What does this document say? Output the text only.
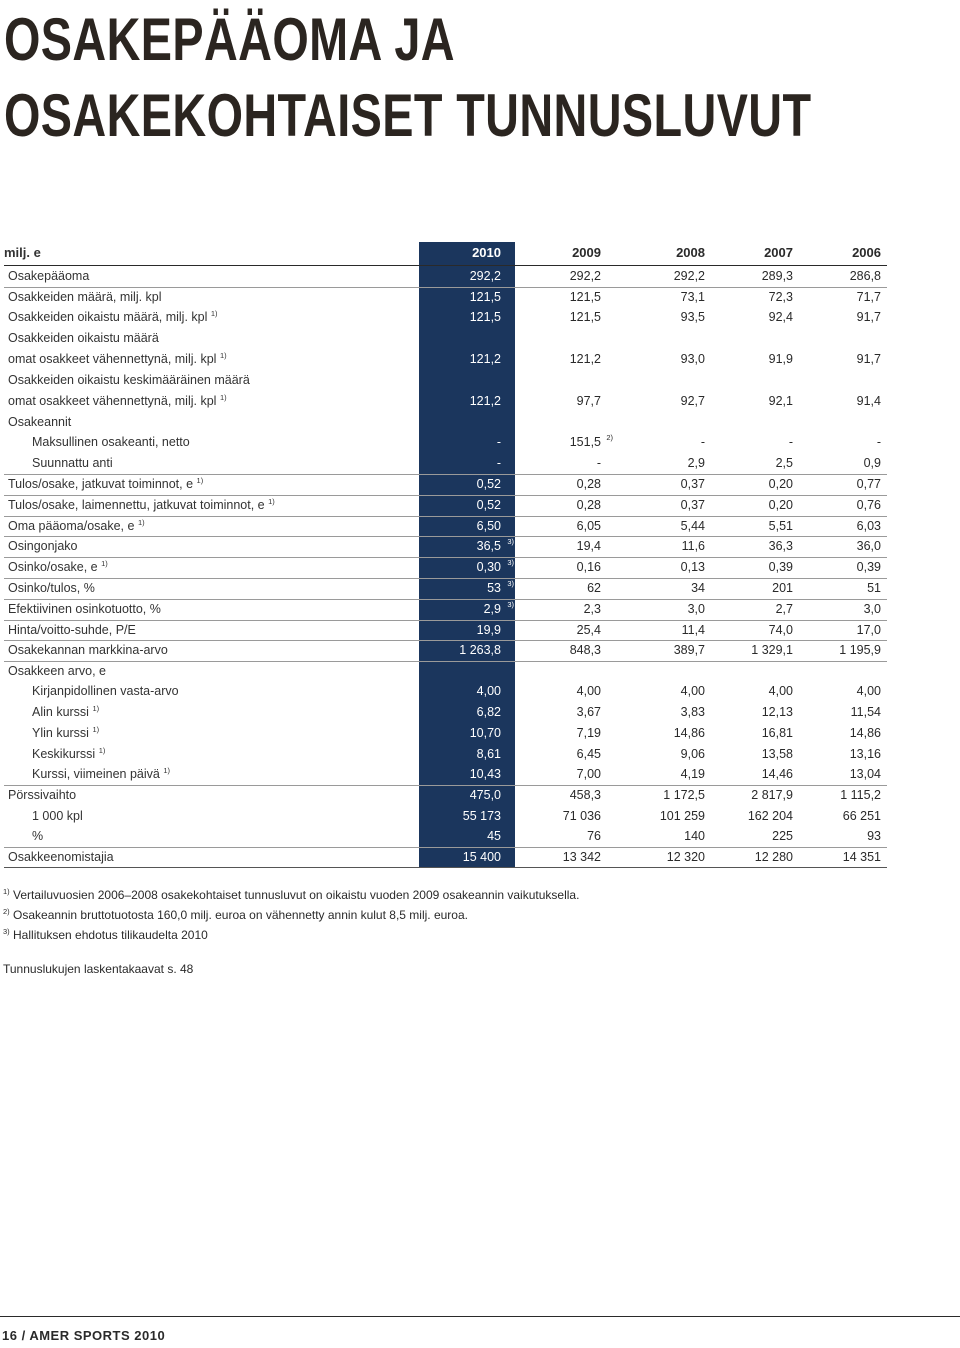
OSAKEPÄÄOMA JA
OSAKEKOHTAISET TUNNUSLUVUT
milj. e	2010	2009	2008	2007	2006
Osakepääoma	292,2	292,2	292,2	289,3	286,8
Osakkeiden määrä, milj. kpl	121,5	121,5	73,1	72,3	71,7
Osakkeiden oikaistu määrä, milj. kpl $^{1)}$	121,5	121,5	93,5	92,4	91,7
Osakkeiden oikaistu määrä
omat osakkeet vähennettynä, milj. kpl $^{1)}$	121,2	121,2	93,0	91,9	91,7
Osakkeiden oikaistu keskimääräinen määrä
omat osakkeet vähennettynä, milj. kpl $^{1)}$	121,2	97,7	92,7	92,1	91,4
Osakeannit
Maksullinen osakeanti, netto	-	151,5	-	-	-
2)
Suunnattu anti	-	-	2,9	2,5	0,9
Tulos/osake, jatkuvat toiminnot, e $^{1)}$	0,52	0,28	0,37	0,20	0,77
Tulos/osake, laimennettu, jatkuvat toiminnot, e $^{1)}$	0,52	0,28	0,37	0,20	0,76
Oma pääoma/osake, e $^{1)}$	6,50	6,05	5,44	5,51	6,03
Osingonjako	36,5	19,4	11,6	36,3	36,0
3)
Osinko/osake, e $^{1)}$	0,30	0,16	0,13	0,39	0,39
3)
Osinko/tulos, %	53	62	34	201	51
3)
Efektiivinen osinkotuotto, %	2,9	2,3	3,0	2,7	3,0
3)
Hinta/voitto-suhde, P/E	19,9	25,4	11,4	74,0	17,0
Osakekannan markkina-arvo	1 263,8	848,3	389,7	1 329,1	1 195,9
Osakkeen arvo, e
Kirjanpidollinen vasta-arvo	4,00	4,00	4,00	4,00	4,00
Alin kurssi $^{1)}$	6,82	3,67	3,83	12,13	11,54
Ylin kurssi $^{1)}$	10,70	7,19	14,86	16,81	14,86
Keskikurssi $^{1)}$	8,61	6,45	9,06	13,58	13,16
Kurssi, viimeinen päivä $^{1)}$	10,43	7,00	4,19	14,46	13,04
Pörssivaihto	475,0	458,3	1 172,5	2 817,9	1 115,2
1 000 kpl	55 173	71 036	101 259	162 204	66 251
%	45	76	140	225	93
Osakkeenomistajia	15 400	13 342	12 320	12 280	14 351
$^{1)}$ Vertailuvuosien 2006–2008 osakekohtaiset tunnusluvut on oikaistu vuoden 2009 osakeannin vaikutuksella.
$^{2)}$ Osakeannin bruttotuotosta 160,0 milj. euroa on vähennetty annin kulut 8,5 milj. euroa.
$^{3)}$ Hallituksen ehdotus tilikaudelta 2010
Tunnuslukujen laskentakaavat s. 48
16 / AMER SPORTS 2010
